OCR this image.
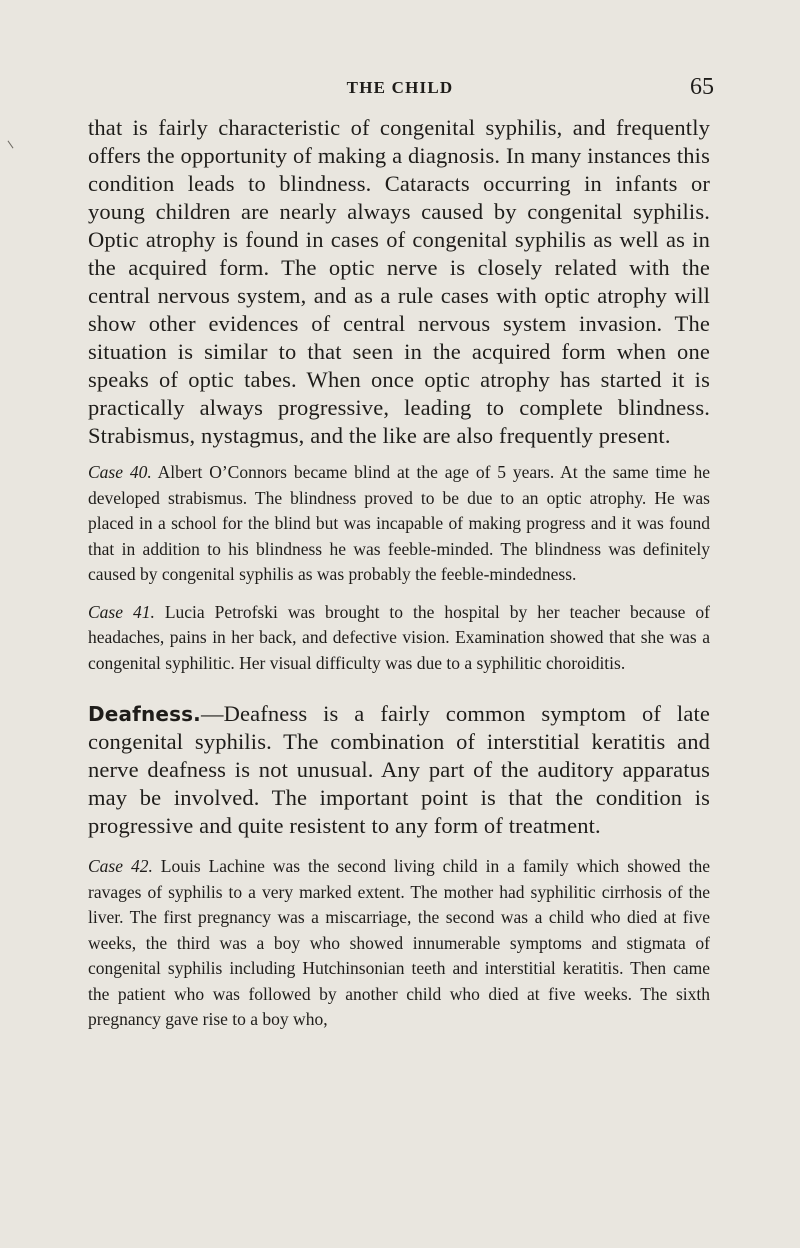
THE CHILD	65

that is fairly characteristic of congenital syphilis, and frequently offers the opportunity of making a diagnosis. In many instances this condition leads to blindness. Cataracts occurring in infants or young children are nearly always caused by congenital syphilis. Optic atrophy is found in cases of congenital syphilis as well as in the acquired form. The optic nerve is closely related with the central nervous system, and as a rule cases with optic atrophy will show other evidences of central nervous system invasion. The situation is similar to that seen in the acquired form when one speaks of optic tabes. When once optic atrophy has started it is practically always progressive, leading to complete blindness. Strabismus, nystagmus, and the like are also frequently present.

Case 40. Albert O’Connors became blind at the age of 5 years. At the same time he developed strabismus. The blindness proved to be due to an optic atrophy. He was placed in a school for the blind but was incapable of making progress and it was found that in addition to his blindness he was feeble-minded. The blindness was definitely caused by congenital syphilis as was probably the feeble-mindedness.

Case 41. Lucia Petrofski was brought to the hospital by her teacher because of headaches, pains in her back, and defective vision. Examination showed that she was a congenital syphilitic. Her visual difficulty was due to a syphilitic choroiditis.

Deafness.—Deafness is a fairly common symptom of late congenital syphilis. The combination of interstitial keratitis and nerve deafness is not unusual. Any part of the auditory apparatus may be involved. The important point is that the condition is progressive and quite resistent to any form of treatment.

Case 42. Louis Lachine was the second living child in a family which showed the ravages of syphilis to a very marked extent. The mother had syphilitic cirrhosis of the liver. The first pregnancy was a miscarriage, the second was a child who died at five weeks, the third was a boy who showed innumerable symptoms and stigmata of congenital syphilis including Hutchinsonian teeth and interstitial keratitis. Then came the patient who was followed by another child who died at five weeks. The sixth pregnancy gave rise to a boy who,
